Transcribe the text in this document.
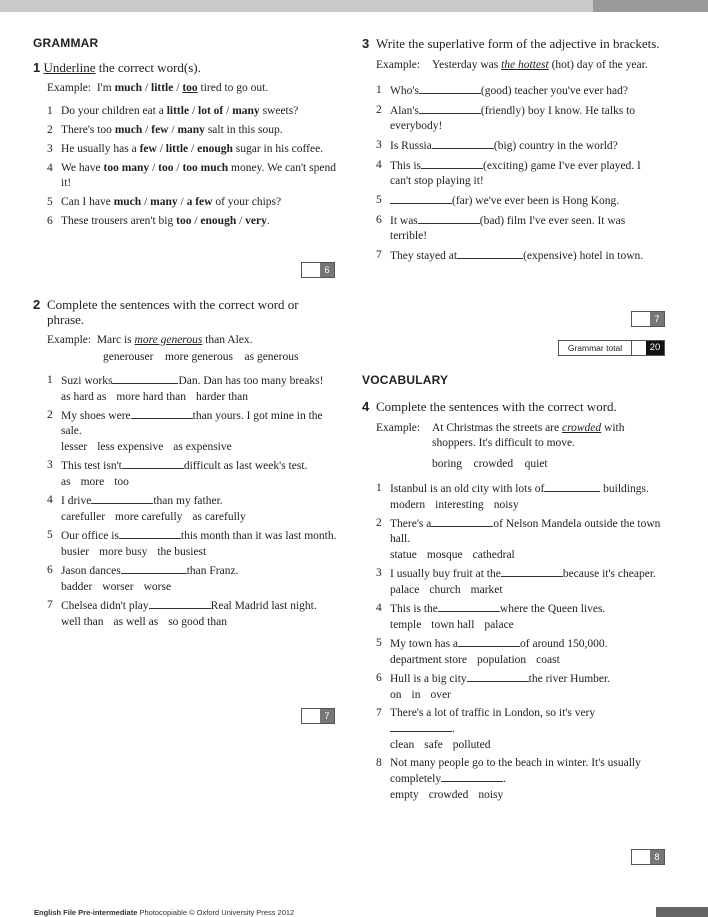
GRAMMAR
1 Underline the correct word(s).
Example: I'm much / little / too tired to go out.
1 Do your children eat a little / lot of / many sweets?
2 There's too much / few / many salt in this soup.
3 He usually has a few / little / enough sugar in his coffee.
4 We have too many / too / too much money. We can't spend it!
5 Can I have much / many / a few of your chips?
6 These trousers aren't big too / enough / very.
6
2 Complete the sentences with the correct word or phrase.
Example: Marc is more generous than Alex.
generouser more generous as generous
1 Suzi works	Dan. Dan has too many breaks!
as hard as more hard than harder than
2 My shoes were	than yours. I got mine in the sale.
lesser less expensive as expensive
3 This test isn't	difficult as last week's test.
as more too
4 I drive	than my father.
carefuller more carefully as carefully
5 Our office is	this month than it was last month.
busier more busy the busiest
6 Jason dances	than Franz.
badder worser worse
7 Chelsea didn't play	Real Madrid last night.
well than as well as so good than
7
3 Write the superlative form of the adjective in brackets.
Example:	Yesterday was the hottest (hot) day of the year.
1 Who's	(good) teacher you've ever had?
2 Alan's	(friendly) boy I know. He talks to everybody!
3 Is Russia	(big) country in the world?
4 This is	(exciting) game I've ever played. I can't stop playing it!
5	(far) we've ever been is Hong Kong.
6 It was	(bad) film I've ever seen. It was terrible!
7 They stayed at	(expensive) hotel in town.
7
Grammar total	20
VOCABULARY
4 Complete the sentences with the correct word.
Example:	At Christmas the streets are crowded with shoppers. It's difficult to move.
boring crowded quiet
1 Istanbul is an old city with lots of	buildings.
modern interesting noisy
2 There's a	of Nelson Mandela outside the town hall.
statue mosque cathedral
3 I usually buy fruit at the	because it's cheaper.
palace church market
4 This is the	where the Queen lives.
temple town hall palace
5 My town has a	of around 150,000.
department store population coast
6 Hull is a big city	the river Humber.
on in over
7 There's a lot of traffic in London, so it's very
.
clean safe polluted
8 Not many people go to the beach in winter. It's usually completely	.
empty crowded noisy
8
English File Pre-intermediate Photocopiable © Oxford University Press 2012
